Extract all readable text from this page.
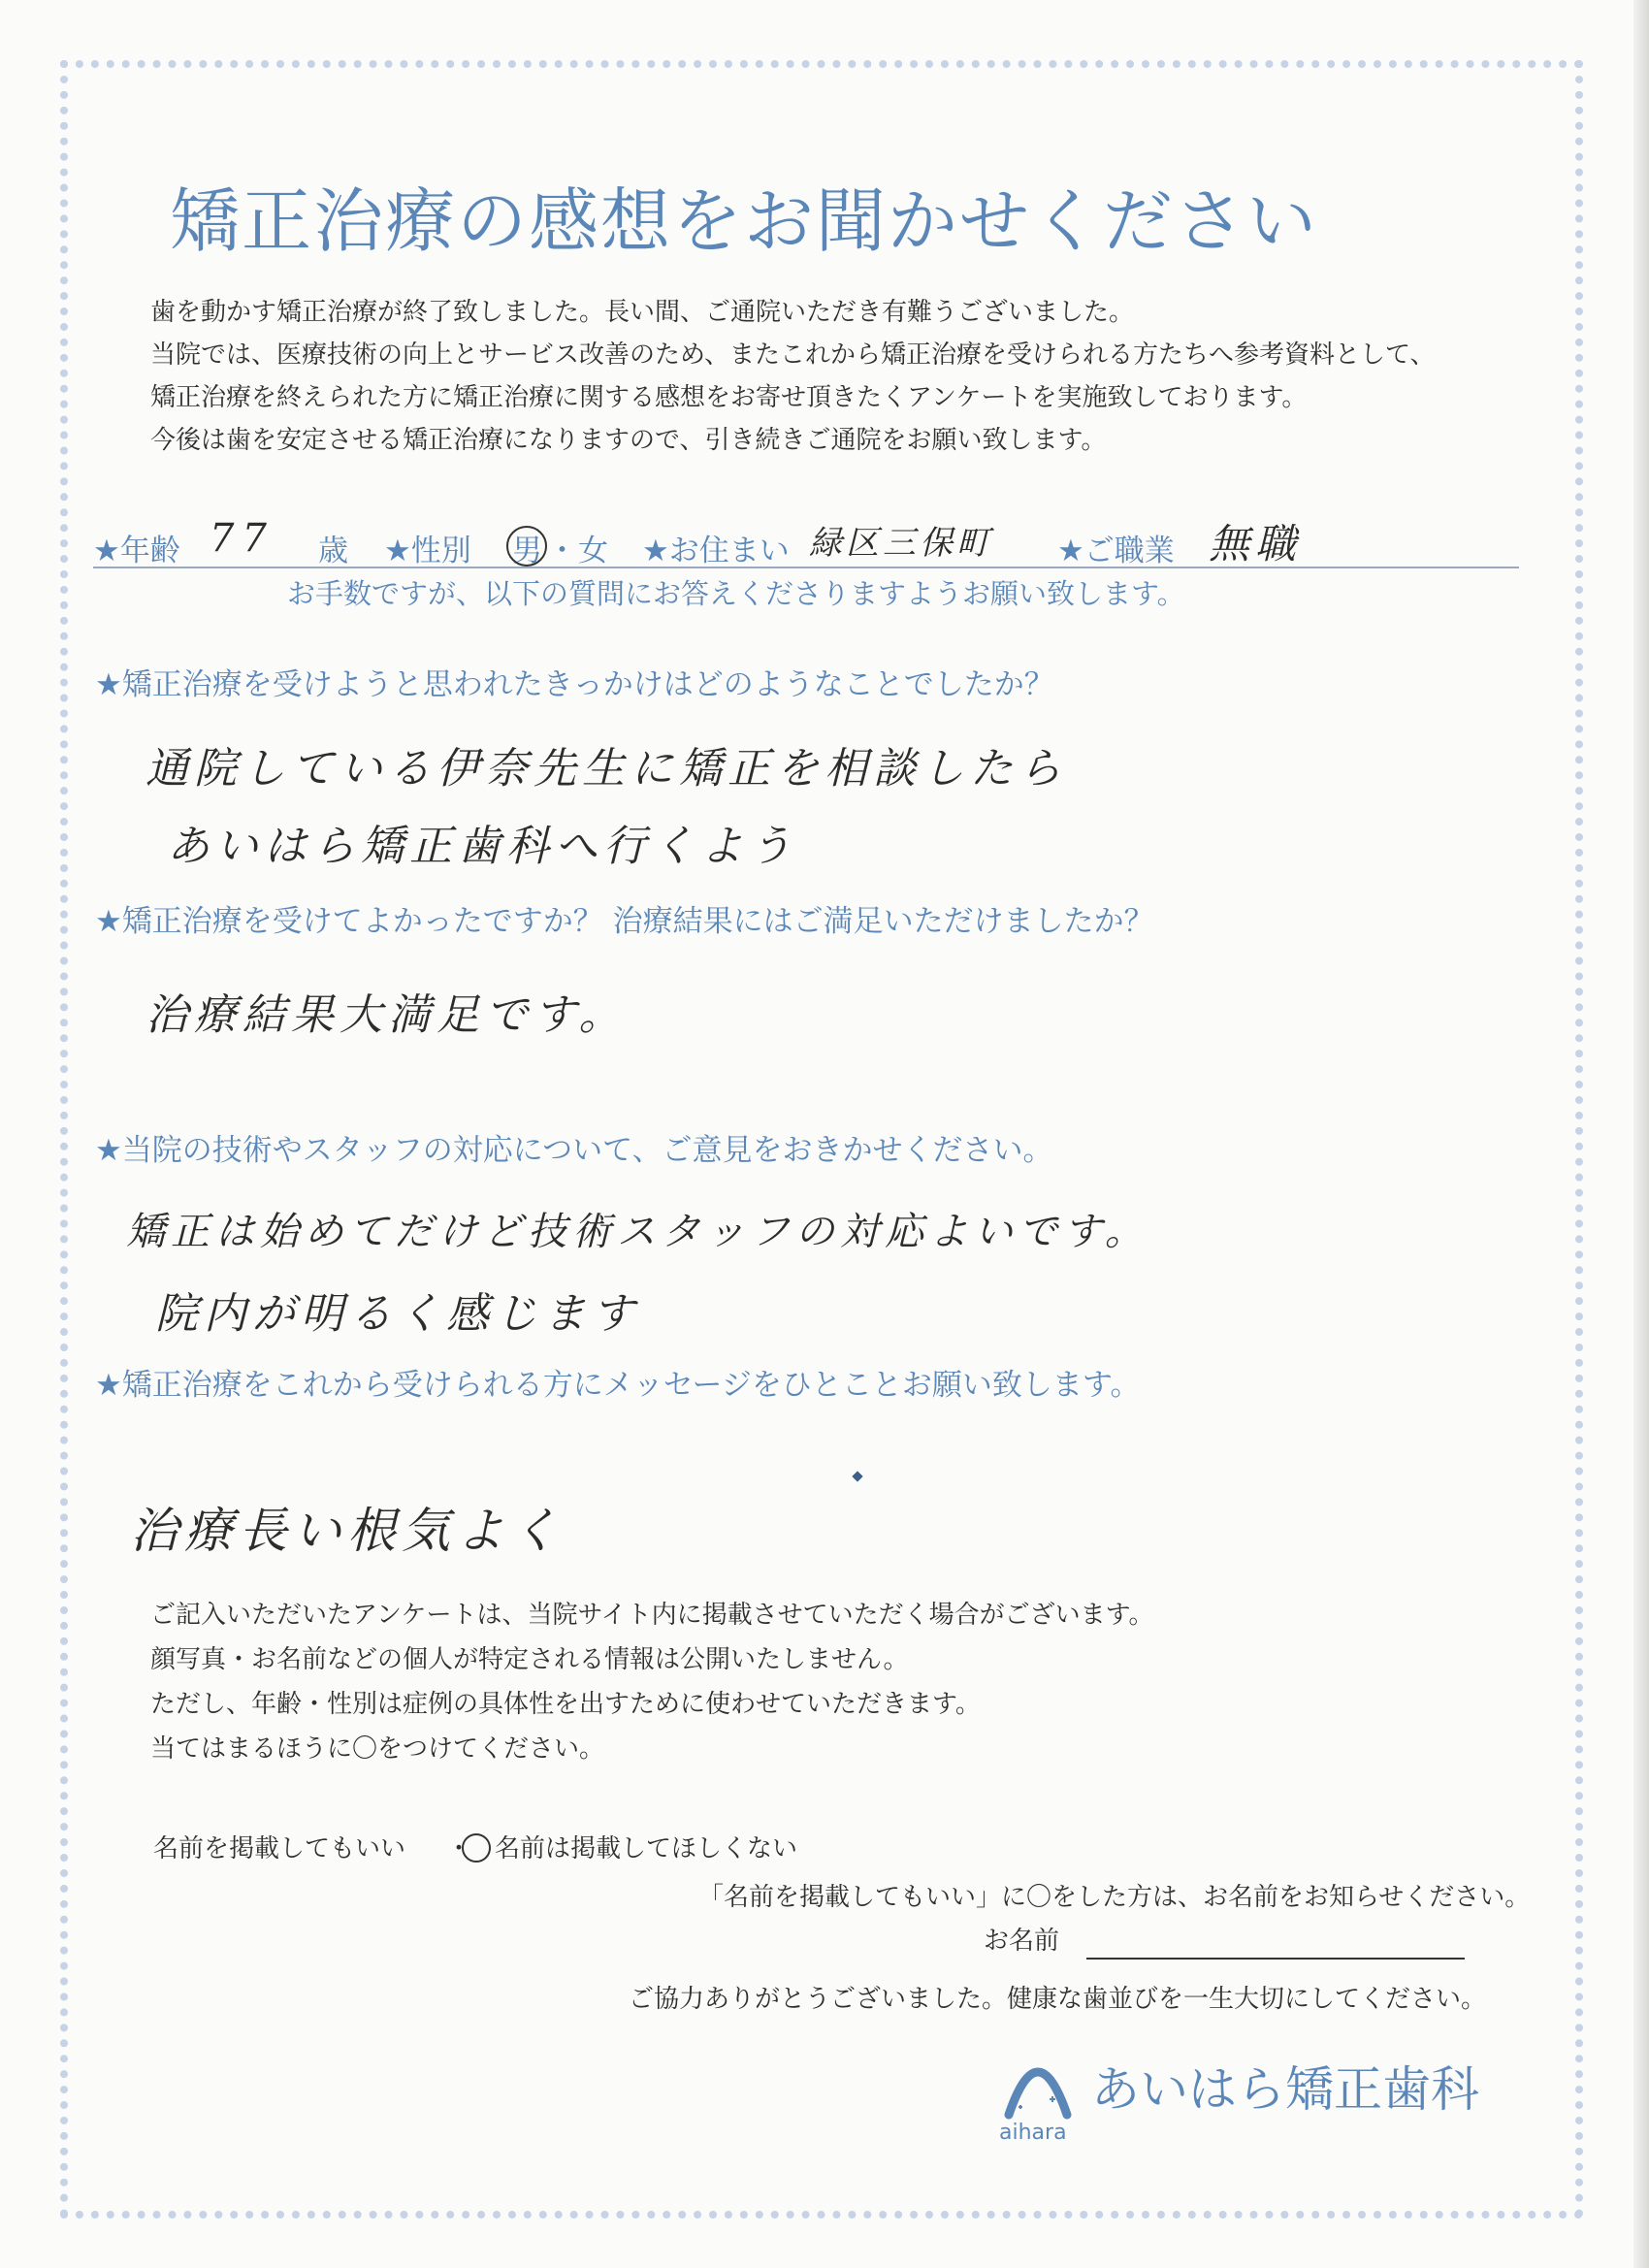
矯正治療の感想をお聞かせください
歯を動かす矯正治療が終了致しました。長い間、ご通院いただき有難うございました。
当院では、医療技術の向上とサービス改善のため、またこれから矯正治療を受けられる方たちへ参考資料として、
矯正治療を終えられた方に矯正治療に関する感想をお寄せ頂きたくアンケートを実施致しております。
今後は歯を安定させる矯正治療になりますので、引き続きご通院をお願い致します。
★年齢 77 歳 ★性別 男 ・ 女 ★お住まい 緑区三保町 ★ご職業 無職
お手数ですが、以下の質問にお答えくださりますようお願い致します。
★矯正治療を受けようと思われたきっかけはどのようなことでしたか？
通院している伊奈先生に矯正を相談したら
あいはら矯正歯科へ行くよう
★矯正治療を受けてよかったですか？ 治療結果にはご満足いただけましたか？
治療結果大満足です。
★当院の技術やスタッフの対応について、ご意見をおきかせください。
矯正は始めてだけど技術スタッフの対応よいです。
院内が明るく感じます
★矯正治療をこれから受けられる方にメッセージをひとことお願い致します。
治療長い根気よく
ご記入いただいたアンケートは、当院サイト内に掲載させていただく場合がございます。
顔写真・お名前などの個人が特定される情報は公開いたしません。
ただし、年齢・性別は症例の具体性を出すために使わせていただきます。
当てはまるほうに〇をつけてください。
名前を掲載してもいい ・ 名前は掲載してほしくない
「名前を掲載してもいい」に〇をした方は、お名前をお知らせください。
お名前
ご協力ありがとうございました。健康な歯並びを一生大切にしてください。
あいはら矯正歯科
aihara
